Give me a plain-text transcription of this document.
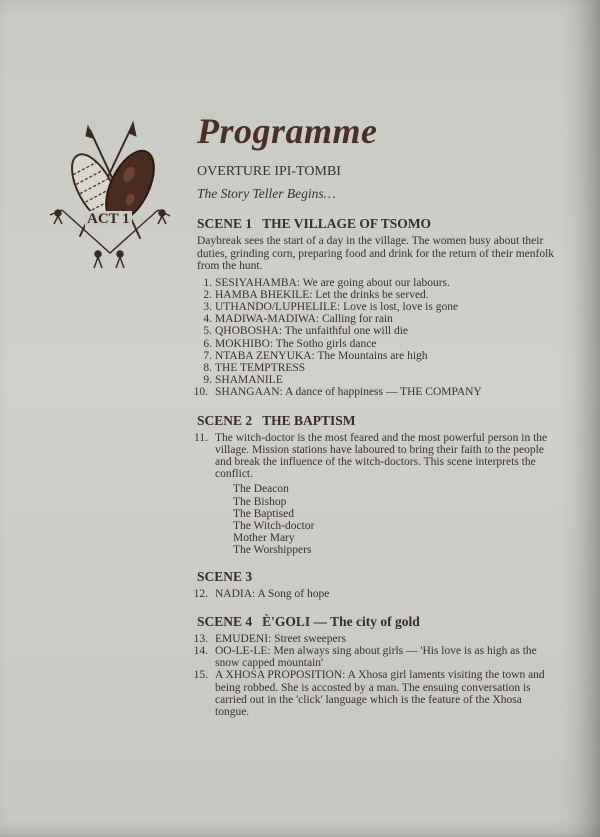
ACT 1
Programme
OVERTURE IPI-TOMBI
The Story Teller Begins…
SCENE 1 THE VILLAGE OF TSOMO

Daybreak sees the start of a day in the village. The women busy about their duties, grinding corn, preparing food and drink for the return of their menfolk from the hunt.

1. SESIYAHAMBA: We are going about our labours.
2. HAMBA BHEKILE: Let the drinks be served.
3. UTHANDO/LUPHELILE: Love is lost, love is gone
4. MADIWA-MADIWA: Calling for rain
5. QHOBOSHA: The unfaithful one will die
6. MOKHIBO: The Sotho girls dance
7. NTABA ZENYUKA: The Mountains are high
8. THE TEMPTRESS
9. SHAMANILE
10. SHANGAAN: A dance of happiness — THE COMPANY
SCENE 2 THE BAPTISM
11. The witch-doctor is the most feared and the most powerful person in the village. Mission stations have laboured to bring their faith to the people and break the influence of the witch-doctors. This scene interprets the conflict.
The Deacon
The Bishop
The Baptised
The Witch-doctor
Mother Mary
The Worshippers
SCENE 3
12. NADIA: A Song of hope
SCENE 4 È'GOLI — The city of gold
13. EMUDENI: Street sweepers
14. OO-LE-LE: Men always sing about girls — 'His love is as high as the snow capped mountain'
15. A XHOSA PROPOSITION: A Xhosa girl laments visiting the town and being robbed. She is accosted by a man. The ensuing conversation is carried out in the 'click' language which is the feature of the Xhosa tongue.
